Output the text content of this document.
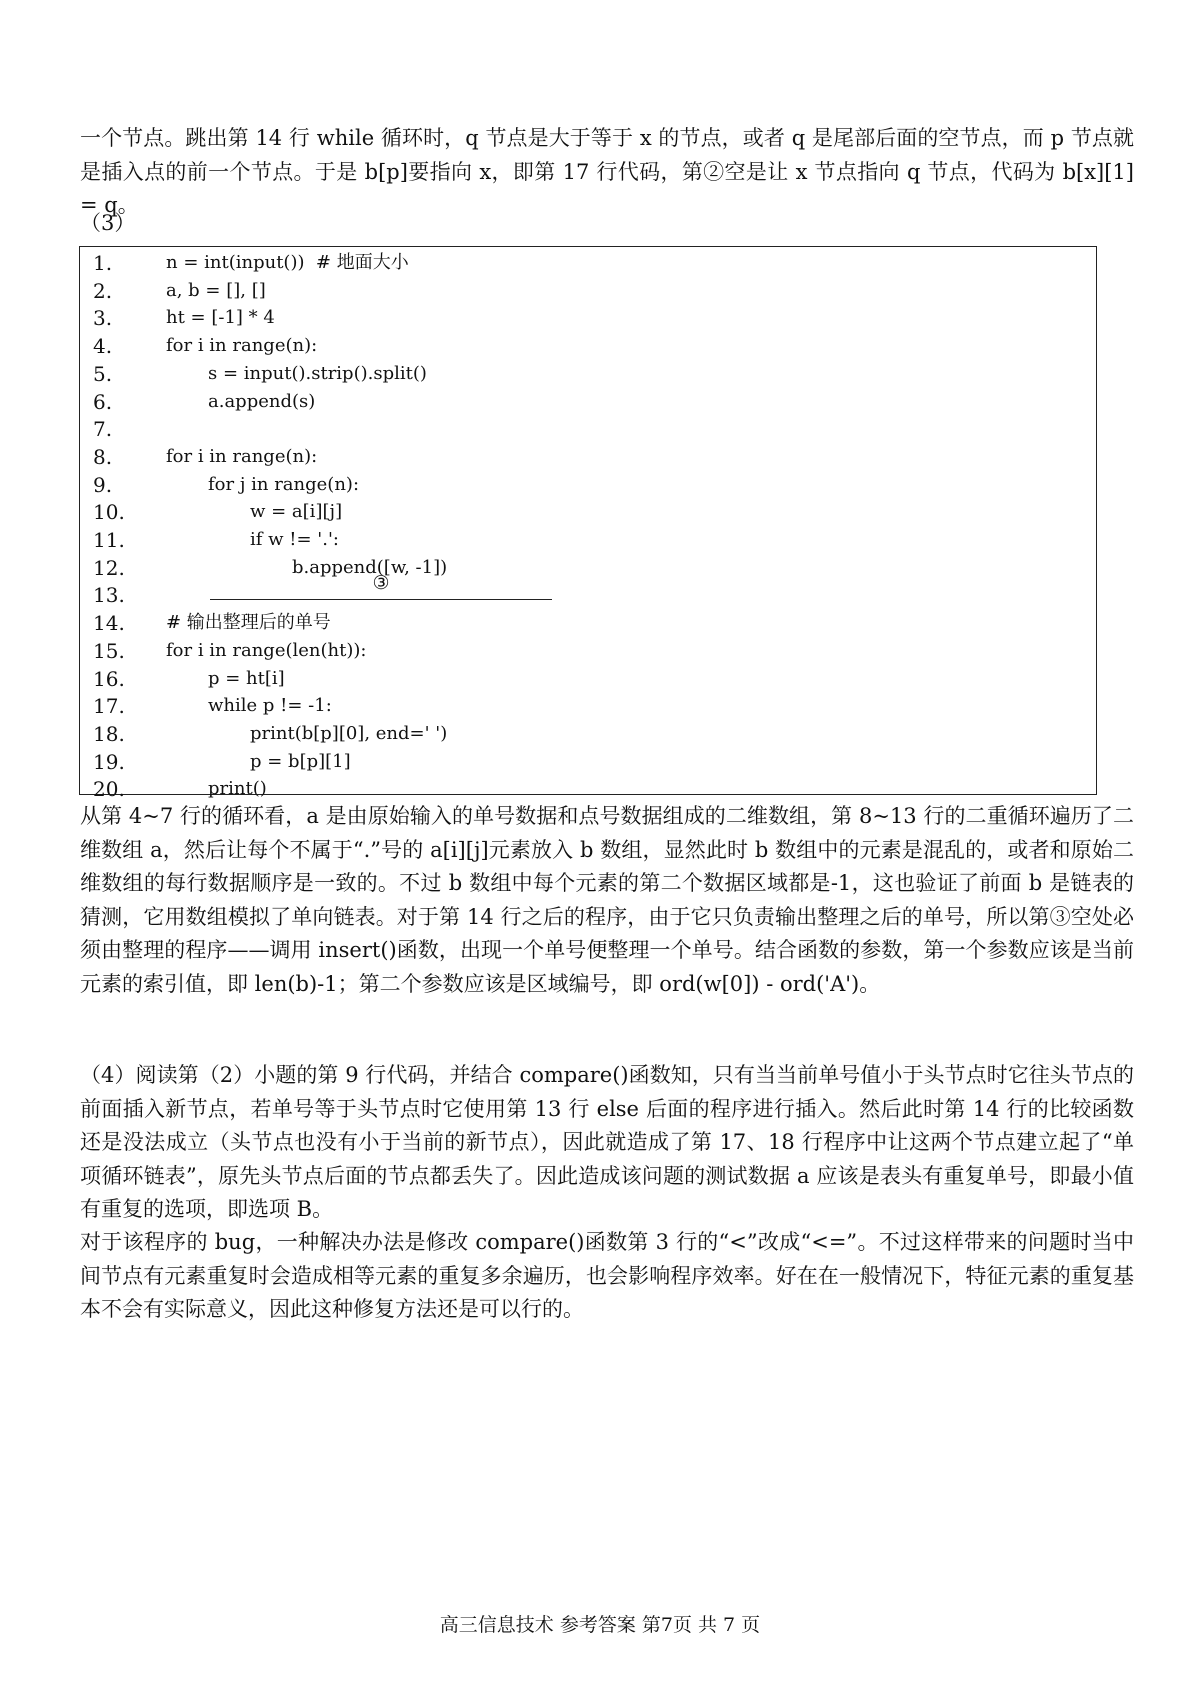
一个节点。跳出第 14 行 while 循环时，q 节点是大于等于 x 的节点，或者 q 是尾部后面的空节点，而 p 节点就是插入点的前一个节点。于是 b[p]要指向 x，即第 17 行代码，第②空是让 x 节点指向 q 节点，代码为 b[x][1] = q。
（3）
1.	n = int(input())  # 地面大小
2.	a, b = [], []
3.	ht = [-1] * 4
4.	for i in range(n):
5.	s = input().strip().split()
6.	a.append(s)
7.
8.	for i in range(n):
9.	for j in range(n):
10.	w = a[i][j]
11.	if w != '.':
12.	b.append([w, -1])
13.
14.	# 输出整理后的单号
15.	for i in range(len(ht)):
16.	p = ht[i]
17.	while p != -1:
18.	print(b[p][0], end=' ')
19.	p = b[p][1]
20.	print()
③
从第 4~7 行的循环看，a 是由原始输入的单号数据和点号数据组成的二维数组，第 8~13 行的二重循环遍历了二维数组 a，然后让每个不属于“.”号的 a[i][j]元素放入 b 数组，显然此时 b 数组中的元素是混乱的，或者和原始二维数组的每行数据顺序是一致的。不过 b 数组中每个元素的第二个数据区域都是-1，这也验证了前面 b 是链表的猜测，它用数组模拟了单向链表。对于第 14 行之后的程序，由于它只负责输出整理之后的单号，所以第③空处必须由整理的程序——调用 insert()函数，出现一个单号便整理一个单号。结合函数的参数，第一个参数应该是当前元素的索引值，即 len(b)-1；第二个参数应该是区域编号，即 ord(w[0]) - ord('A')。
（4）阅读第（2）小题的第 9 行代码，并结合 compare()函数知，只有当当前单号值小于头节点时它往头节点的前面插入新节点，若单号等于头节点时它使用第 13 行 else 后面的程序进行插入。然后此时第 14 行的比较函数还是没法成立（头节点也没有小于当前的新节点），因此就造成了第 17、18 行程序中让这两个节点建立起了“单项循环链表”，原先头节点后面的节点都丢失了。因此造成该问题的测试数据 a 应该是表头有重复单号，即最小值有重复的选项，即选项 B。
对于该程序的 bug，一种解决办法是修改 compare()函数第 3 行的“<”改成“<=”。不过这样带来的问题时当中间节点有元素重复时会造成相等元素的重复多余遍历，也会影响程序效率。好在在一般情况下，特征元素的重复基本不会有实际意义，因此这种修复方法还是可以行的。
高三信息技术 参考答案 第7页 共 7 页
